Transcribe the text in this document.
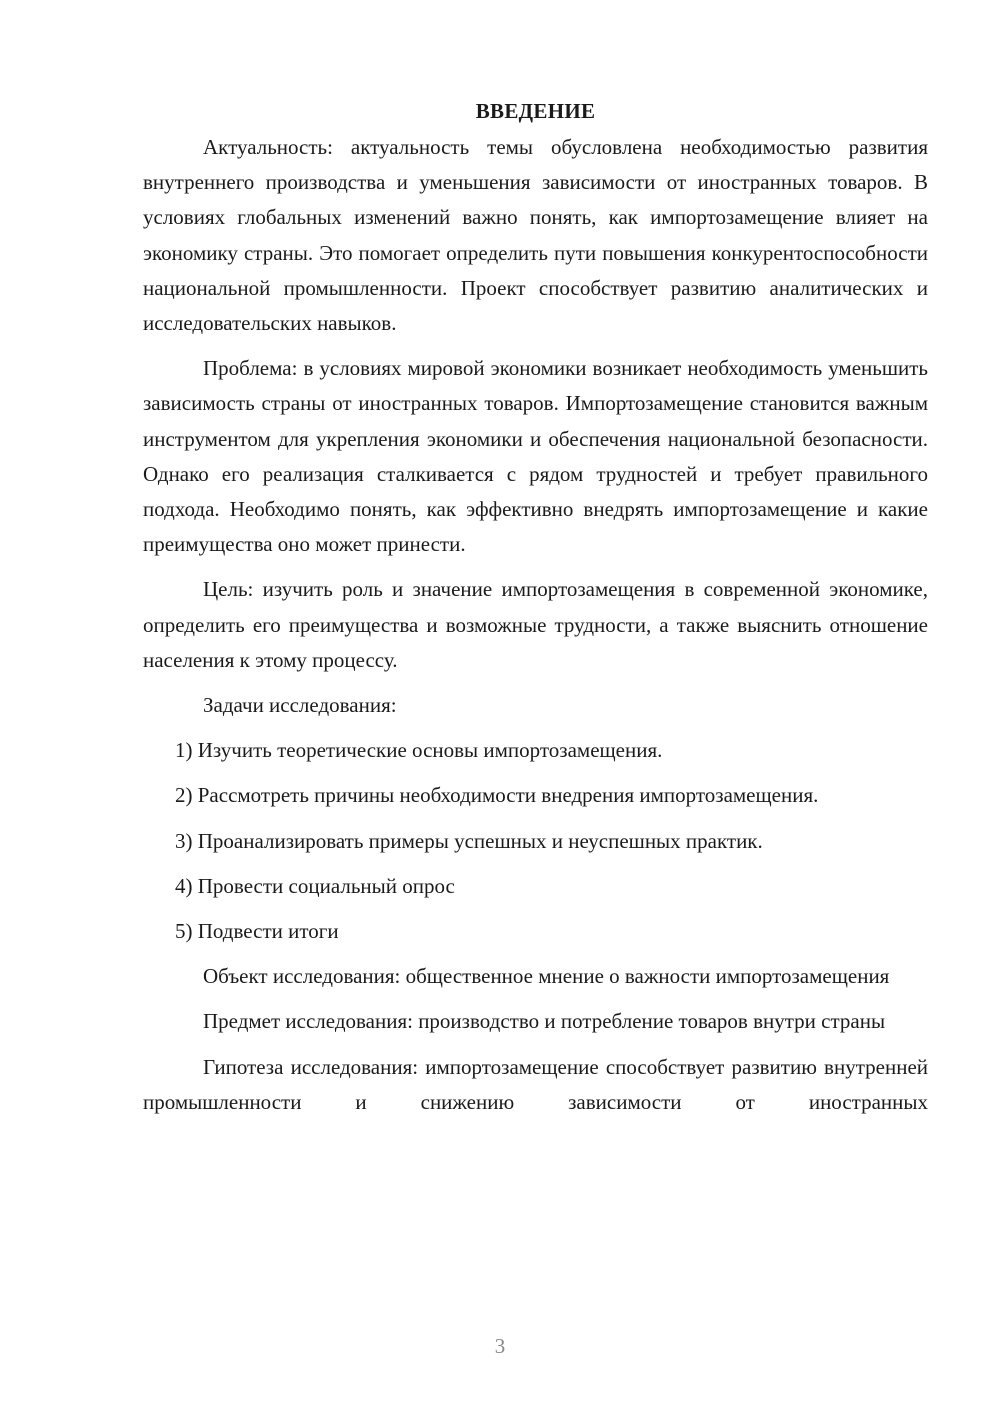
ВВЕДЕНИЕ

Актуальность: актуальность темы обусловлена необходимостью развития внутреннего производства и уменьшения зависимости от иностранных товаров. В условиях глобальных изменений важно понять, как импортозамещение влияет на экономику страны. Это помогает определить пути повышения конкурентоспособности национальной промышленности. Проект способствует развитию аналитических и исследовательских навыков.

Проблема: в условиях мировой экономики возникает необходимость уменьшить зависимость страны от иностранных товаров. Импортозамещение становится важным инструментом для укрепления экономики и обеспечения национальной безопасности. Однако его реализация сталкивается с рядом трудностей и требует правильного подхода. Необходимо понять, как эффективно внедрять импортозамещение и какие преимущества оно может принести.

Цель: изучить роль и значение импортозамещения в современной экономике, определить его преимущества и возможные трудности, а также выяснить отношение населения к этому процессу.

Задачи исследования:

1) Изучить теоретические основы импортозамещения.

2) Рассмотреть причины необходимости внедрения импортозамещения.

3) Проанализировать примеры успешных и неуспешных практик.

4) Провести социальный опрос

5) Подвести итоги

Объект исследования: общественное мнение о важности импортозамещения

Предмет исследования: производство и потребление товаров внутри страны

Гипотеза исследования: импортозамещение способствует развитию внутренней промышленности и снижению зависимости от иностранных

3
